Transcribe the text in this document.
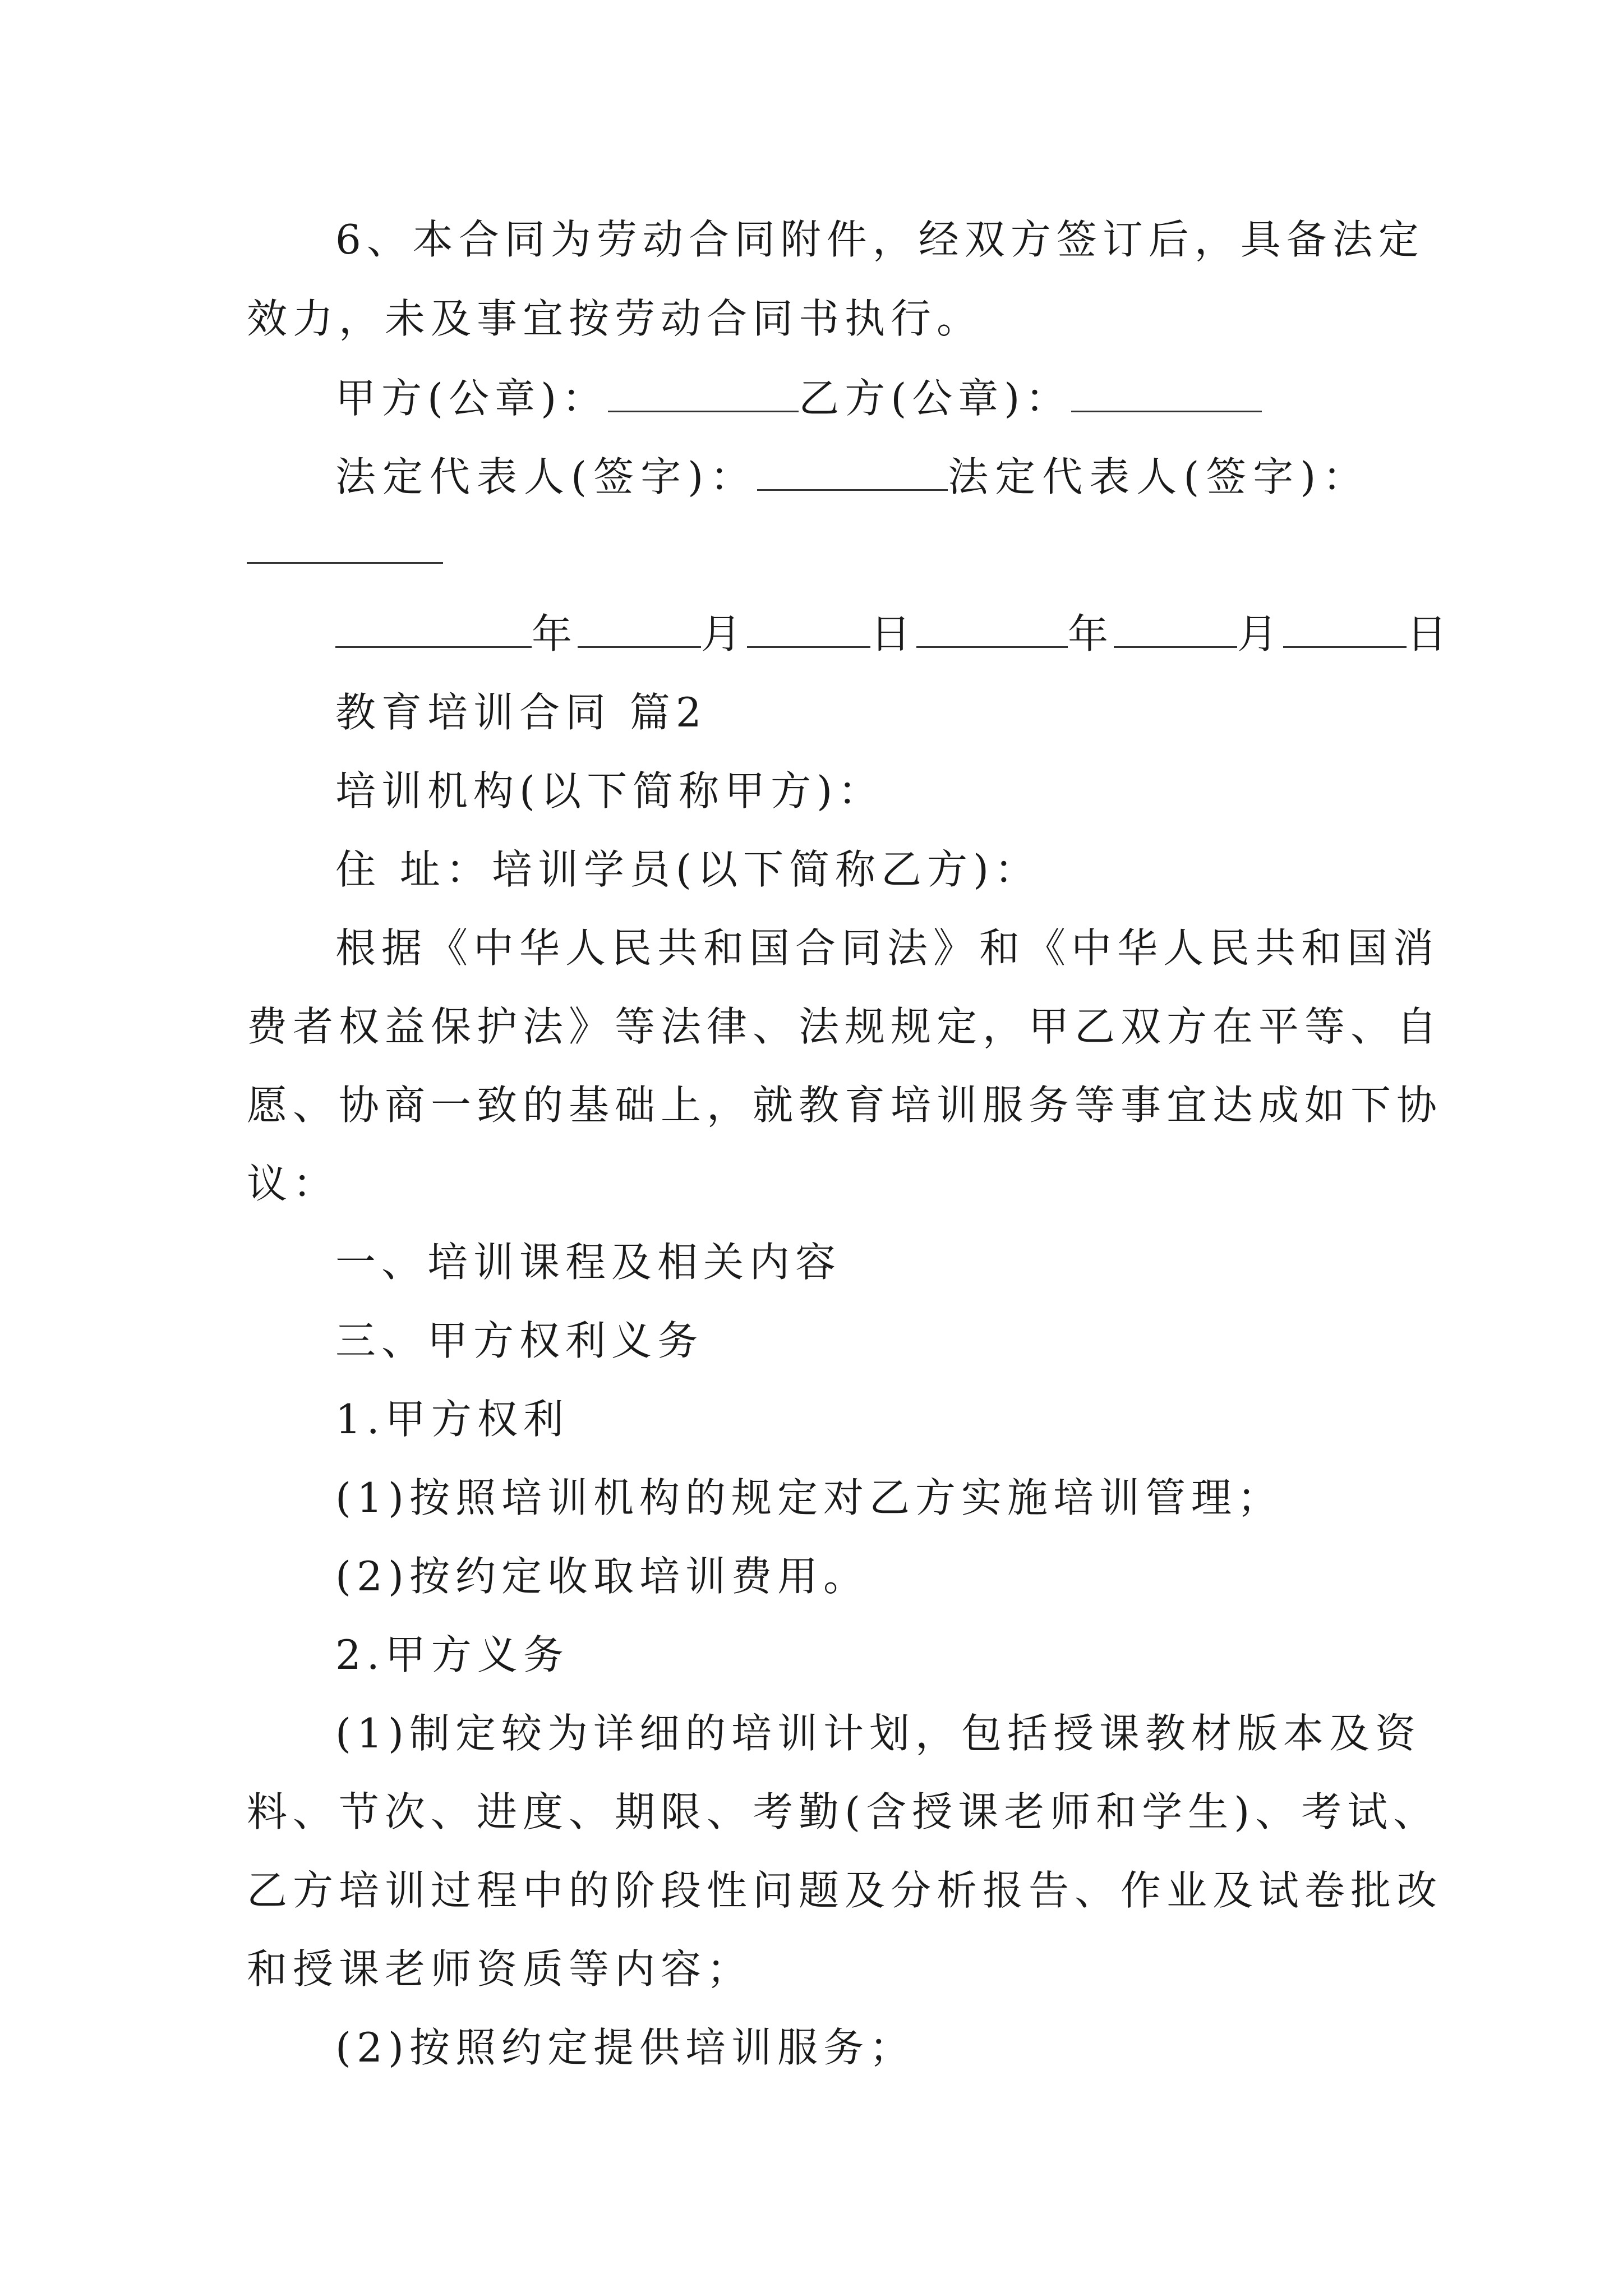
6、本合同为劳动合同附件，经双方签订后，具备法定
效力，未及事宜按劳动合同书执行。
甲方(公章)：	乙方(公章)：
法定代表人(签字)：	法定代表人(签字)：
年	月	日	年	月	日
教育培训合同 篇2
培训机构(以下简称甲方)：
住 址：培训学员(以下简称乙方)：
根据《中华人民共和国合同法》和《中华人民共和国消
费者权益保护法》等法律、法规规定，甲乙双方在平等、自
愿、协商一致的基础上，就教育培训服务等事宜达成如下协
议：
一、培训课程及相关内容
三、甲方权利义务
1.甲方权利
(1)按照培训机构的规定对乙方实施培训管理；
(2)按约定收取培训费用。
2.甲方义务
(1)制定较为详细的培训计划，包括授课教材版本及资
料、节次、进度、期限、考勤(含授课老师和学生)、考试、
乙方培训过程中的阶段性问题及分析报告、作业及试卷批改
和授课老师资质等内容；
(2)按照约定提供培训服务；
